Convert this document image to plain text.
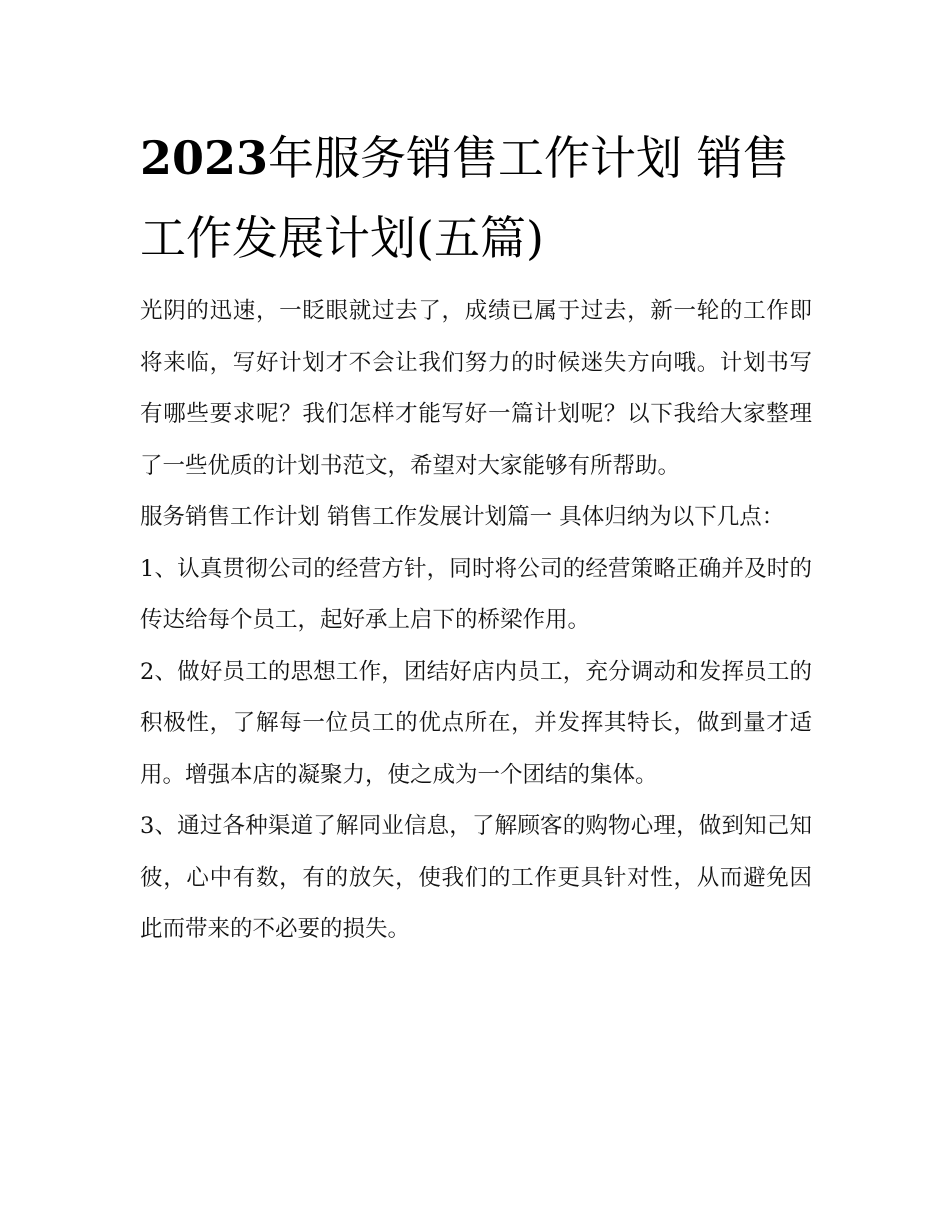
2023年服务销售工作计划 销售工作发展计划(五篇)

光阴的迅速，一眨眼就过去了，成绩已属于过去，新一轮的工作即将来临，写好计划才不会让我们努力的时候迷失方向哦。计划书写有哪些要求呢？我们怎样才能写好一篇计划呢？以下我给大家整理了一些优质的计划书范文，希望对大家能够有所帮助。

服务销售工作计划 销售工作发展计划篇一 具体归纳为以下几点：

1、认真贯彻公司的经营方针，同时将公司的经营策略正确并及时的传达给每个员工，起好承上启下的桥梁作用。

2、做好员工的思想工作，团结好店内员工，充分调动和发挥员工的积极性，了解每一位员工的优点所在，并发挥其特长，做到量才适用。增强本店的凝聚力，使之成为一个团结的集体。

3、通过各种渠道了解同业信息，了解顾客的购物心理，做到知己知彼，心中有数，有的放矢，使我们的工作更具针对性，从而避免因此而带来的不必要的损失。
